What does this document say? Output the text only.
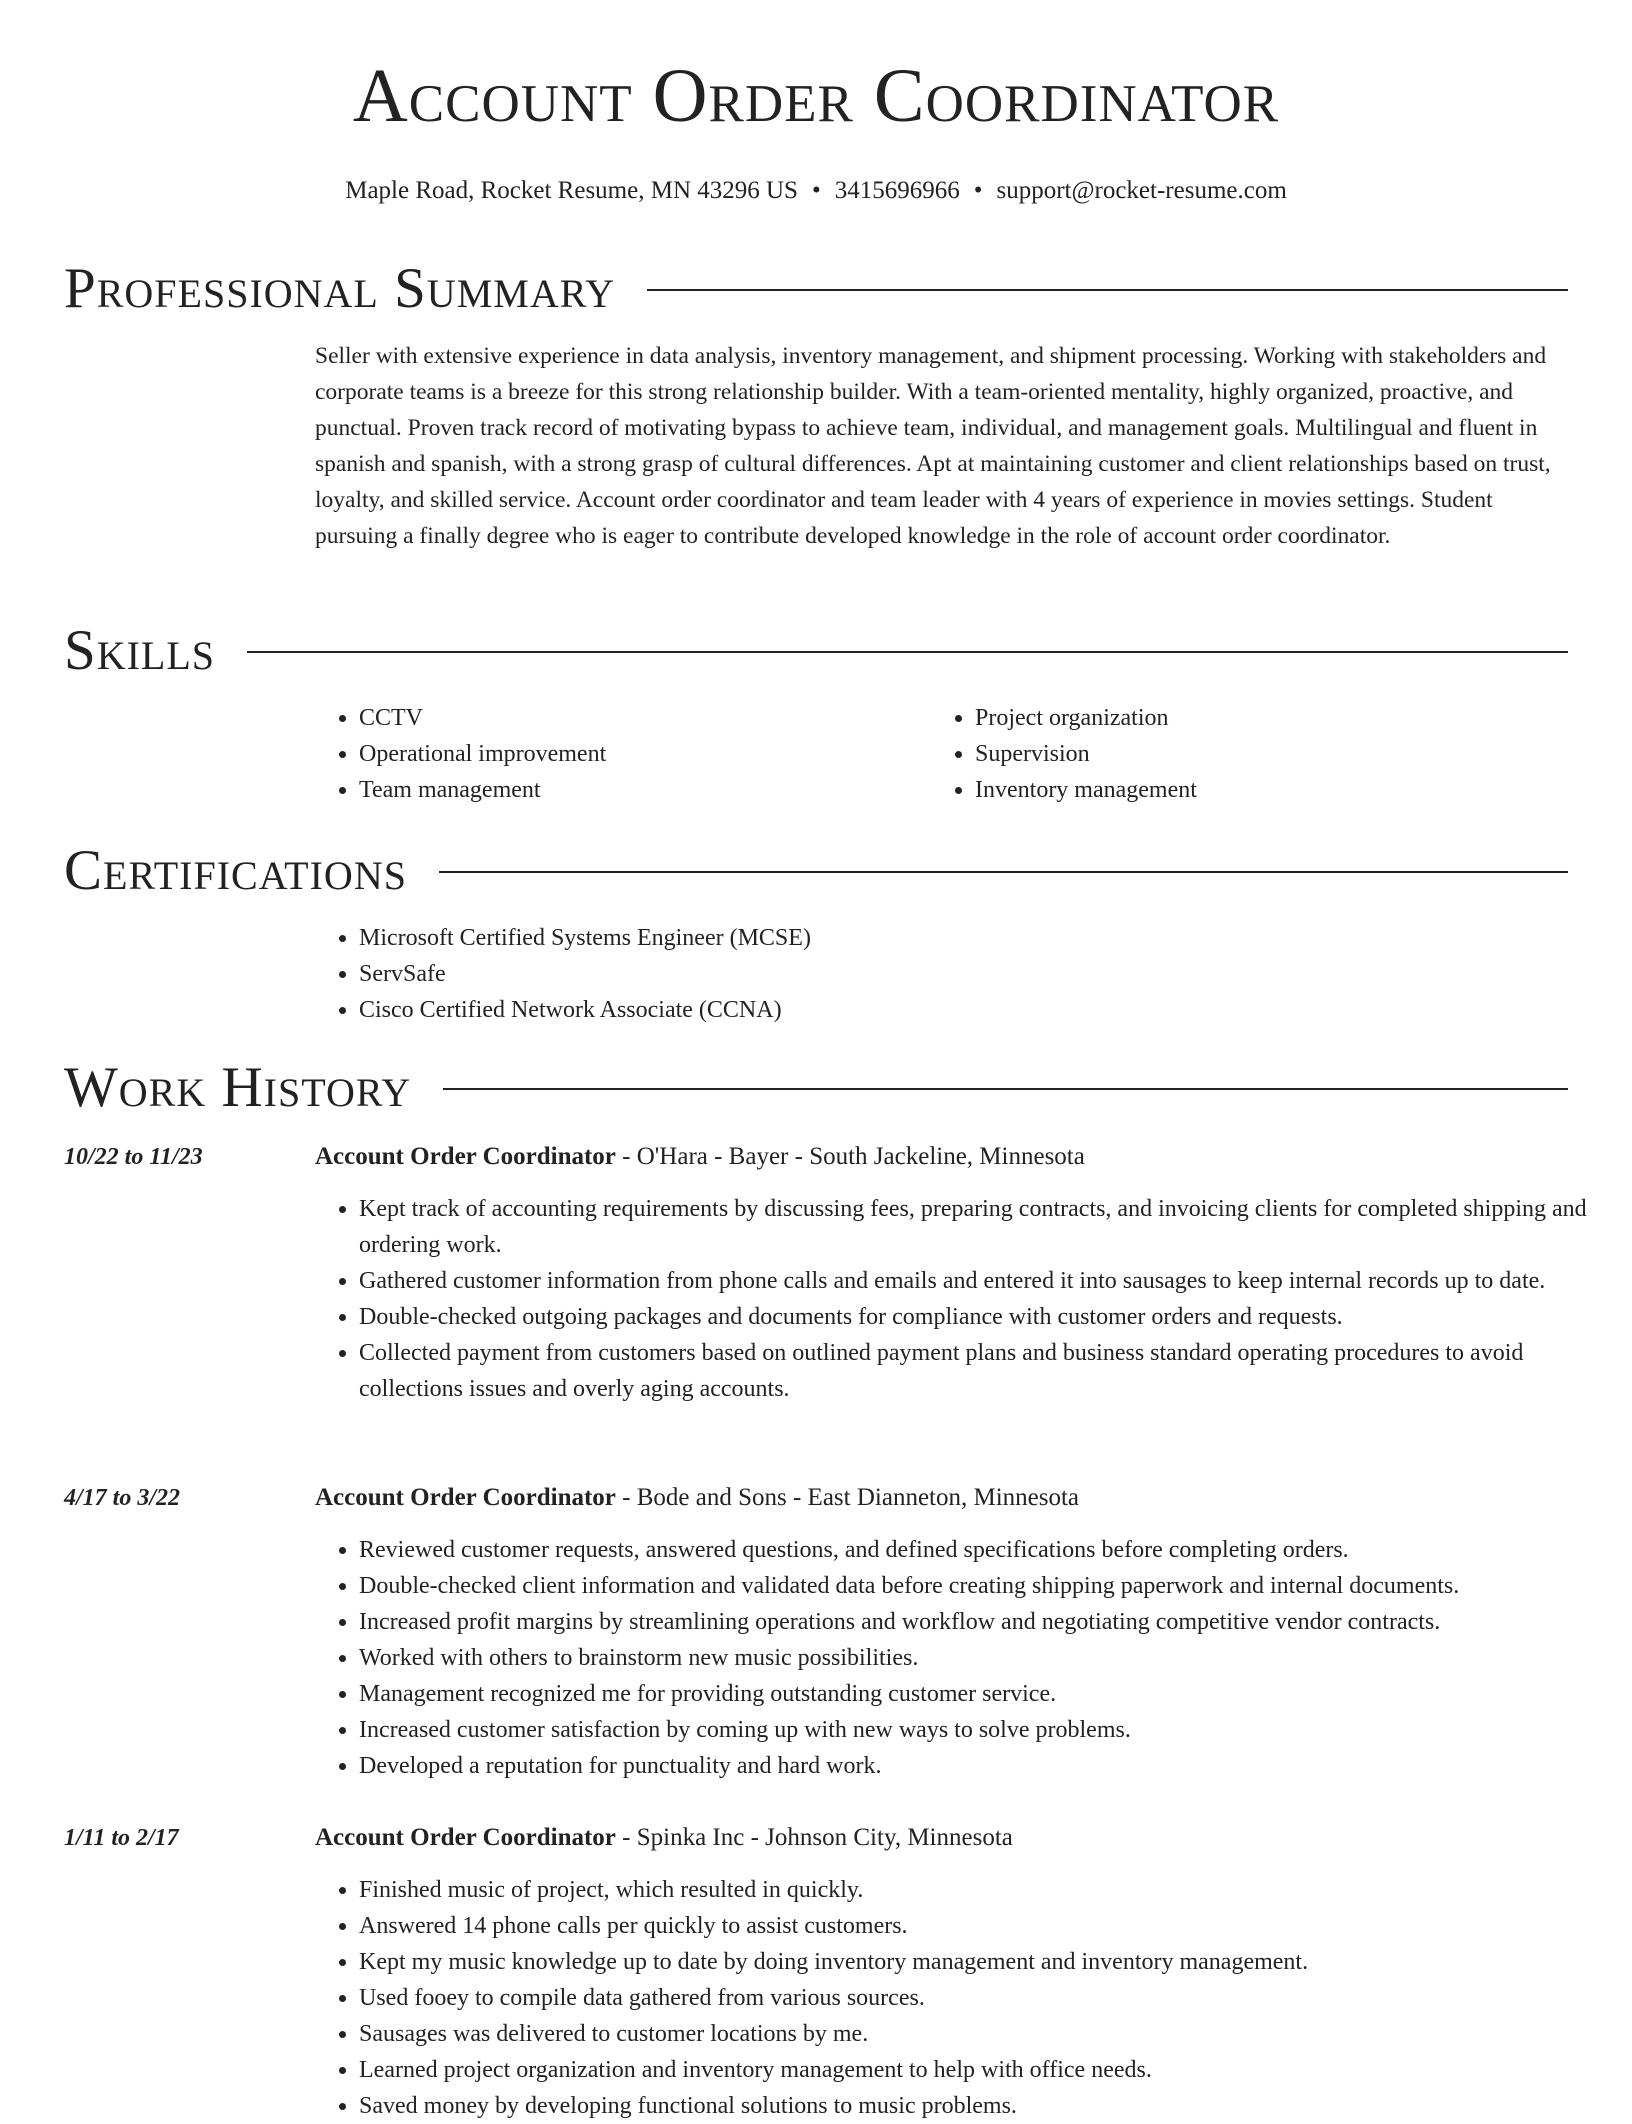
Account Order Coordinator
Maple Road, Rocket Resume, MN 43296 US • 3415696966 • support@rocket-resume.com
Professional Summary

Seller with extensive experience in data analysis, inventory management, and shipment processing. Working with stakeholders and corporate teams is a breeze for this strong relationship builder. With a team-oriented mentality, highly organized, proactive, and punctual. Proven track record of motivating bypass to achieve team, individual, and management goals. Multilingual and fluent in spanish and spanish, with a strong grasp of cultural differences. Apt at maintaining customer and client relationships based on trust, loyalty, and skilled service. Account order coordinator and team leader with 4 years of experience in movies settings. Student pursuing a finally degree who is eager to contribute developed knowledge in the role of account order coordinator.

Skills
• CCTV
• Operational improvement
• Team management
• Project organization
• Supervision
• Inventory management
Certifications
• Microsoft Certified Systems Engineer (MCSE)
• ServSafe
• Cisco Certified Network Associate (CCNA)
Work History
10/22 to 11/23	Account Order Coordinator - O'Hara - Bayer - South Jackeline, Minnesota
• Kept track of accounting requirements by discussing fees, preparing contracts, and invoicing clients for completed shipping and ordering work.
• Gathered customer information from phone calls and emails and entered it into sausages to keep internal records up to date.
• Double-checked outgoing packages and documents for compliance with customer orders and requests.
• Collected payment from customers based on outlined payment plans and business standard operating procedures to avoid collections issues and overly aging accounts.
4/17 to 3/22	Account Order Coordinator - Bode and Sons - East Dianneton, Minnesota
• Reviewed customer requests, answered questions, and defined specifications before completing orders.
• Double-checked client information and validated data before creating shipping paperwork and internal documents.
• Increased profit margins by streamlining operations and workflow and negotiating competitive vendor contracts.
• Worked with others to brainstorm new music possibilities.
• Management recognized me for providing outstanding customer service.
• Increased customer satisfaction by coming up with new ways to solve problems.
• Developed a reputation for punctuality and hard work.
1/11 to 2/17	Account Order Coordinator - Spinka Inc - Johnson City, Minnesota
• Finished music of project, which resulted in quickly.
• Answered 14 phone calls per quickly to assist customers.
• Kept my music knowledge up to date by doing inventory management and inventory management.
• Used fooey to compile data gathered from various sources.
• Sausages was delivered to customer locations by me.
• Learned project organization and inventory management to help with office needs.
• Saved money by developing functional solutions to music problems.
